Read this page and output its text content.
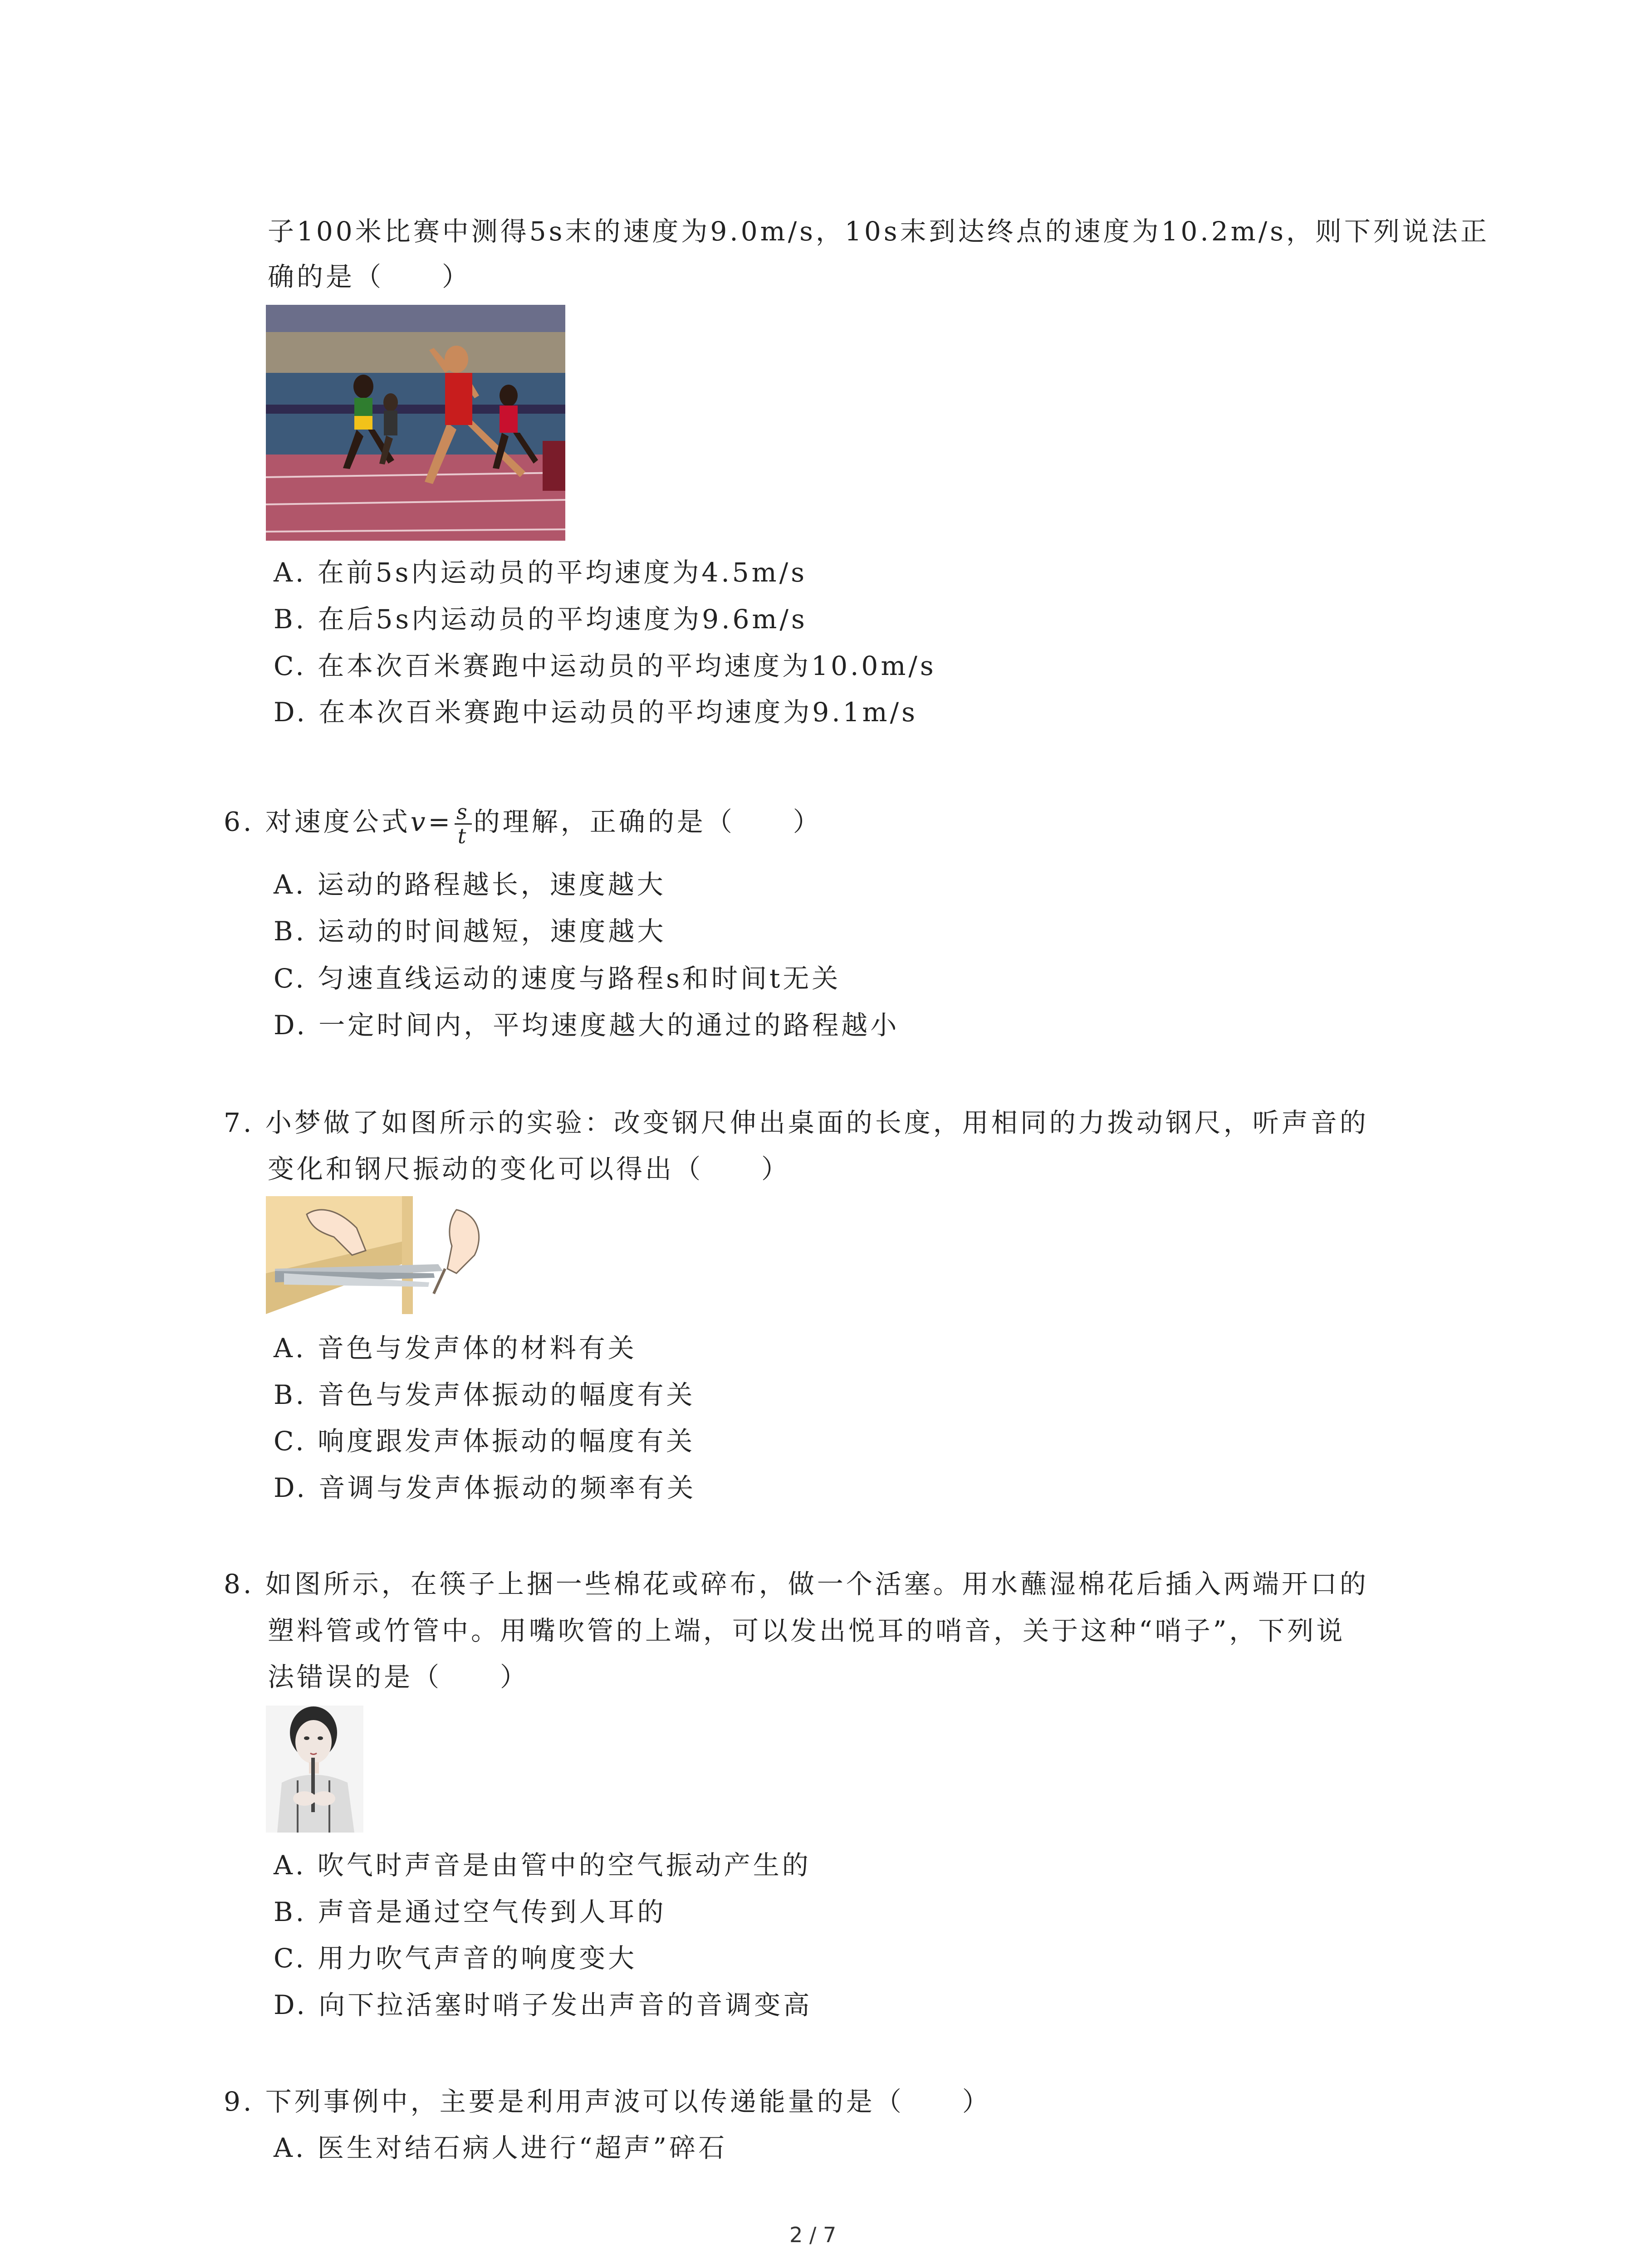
子100米比赛中测得5s末的速度为9.0m/s，10s末到达终点的速度为10.2m/s，则下列说法正
确的是（　　）
A. 在前5s内运动员的平均速度为4.5m/s
B. 在后5s内运动员的平均速度为9.6m/s
C. 在本次百米赛跑中运动员的平均速度为10.0m/s
D. 在本次百米赛跑中运动员的平均速度为9.1m/s
6. 对速度公式$v= \frac{s}{t}$ 的理解，正确的是（　　）
A. 运动的路程越长，速度越大
B. 运动的时间越短，速度越大
C. 匀速直线运动的速度与路程s和时间t无关
D. 一定时间内，平均速度越大的通过的路程越小
7. 小梦做了如图所示的实验：改变钢尺伸出桌面的长度，用相同的力拨动钢尺，听声音的
变化和钢尺振动的变化可以得出（　　）
A. 音色与发声体的材料有关
B. 音色与发声体振动的幅度有关
C. 响度跟发声体振动的幅度有关
D. 音调与发声体振动的频率有关
8. 如图所示，在筷子上捆一些棉花或碎布，做一个活塞。用水蘸湿棉花后插入两端开口的
塑料管或竹管中。用嘴吹管的上端，可以发出悦耳的哨音，关于这种“哨子”，下列说
法错误的是（　　）
A. 吹气时声音是由管中的空气振动产生的
B. 声音是通过空气传到人耳的
C. 用力吹气声音的响度变大
D. 向下拉活塞时哨子发出声音的音调变高
9. 下列事例中，主要是利用声波可以传递能量的是（　　）
A. 医生对结石病人进行“超声”碎石
2 / 7
